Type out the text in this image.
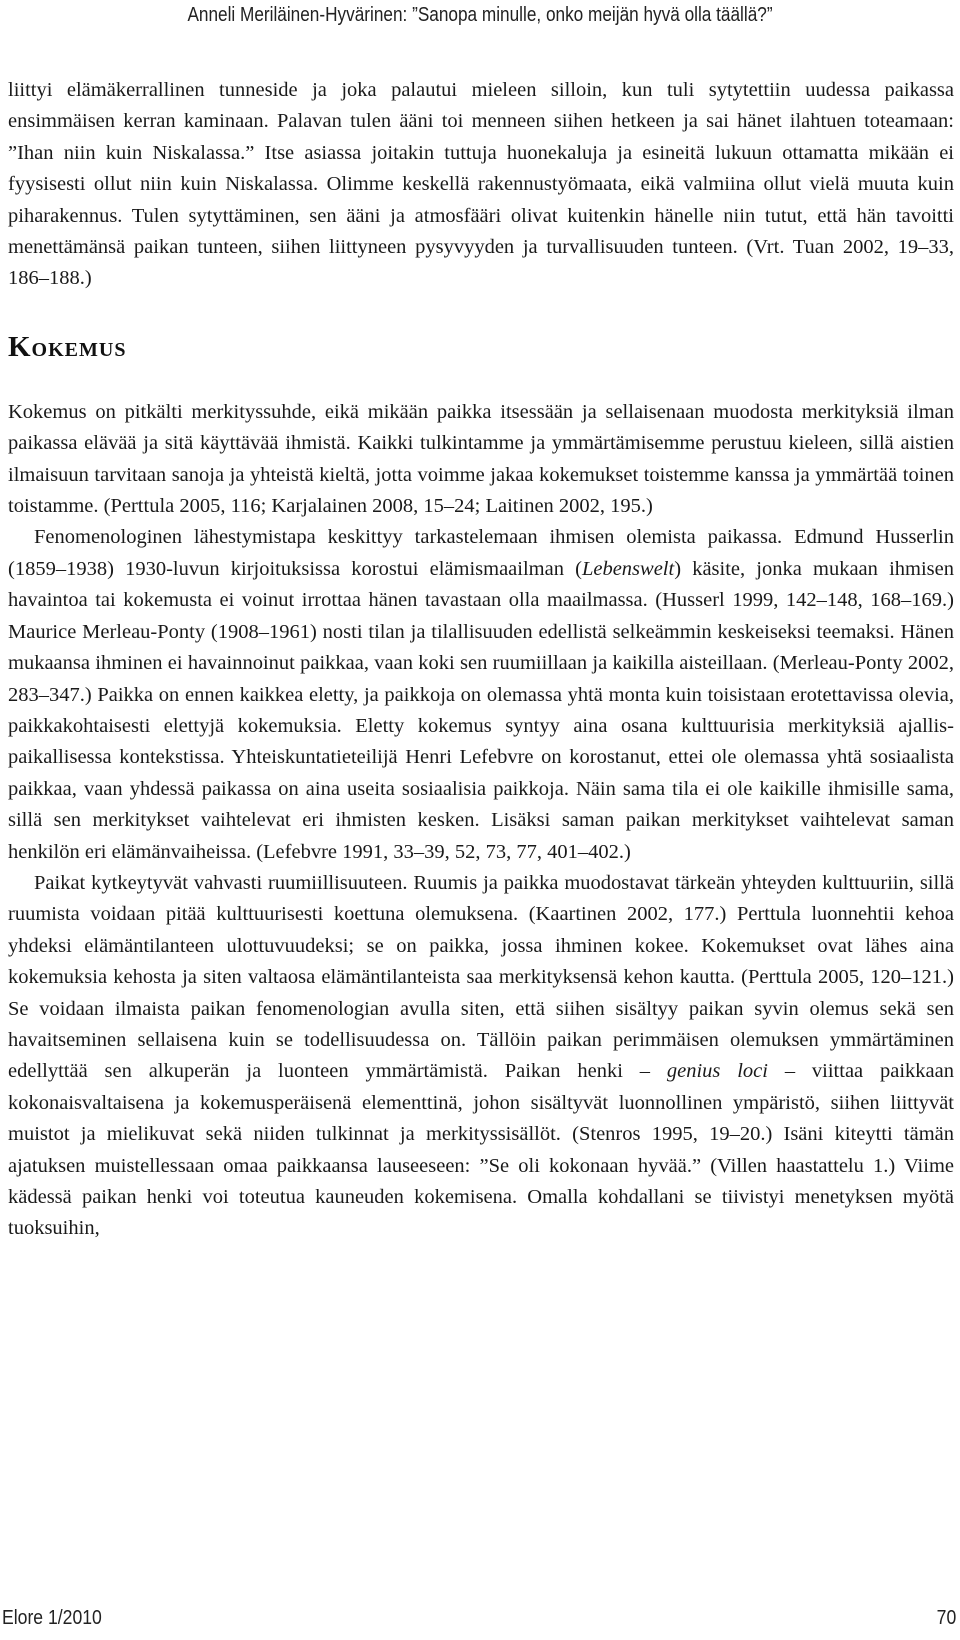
Anneli Meriläinen-Hyvärinen: ”Sanopa minulle, onko meijän hyvä olla täällä?”

liittyi elämäkerrallinen tunneside ja joka palautui mieleen silloin, kun tuli sytytettiin uudessa paikassa ensimmäisen kerran kaminaan. Palavan tulen ääni toi menneen siihen hetkeen ja sai hänet ilahtuen toteamaan: ”Ihan niin kuin Niskalassa.” Itse asiassa joitakin tuttuja huonekaluja ja esineitä lukuun ottamatta mikään ei fyysisesti ollut niin kuin Niskalassa. Olimme keskellä rakennustyömaata, eikä valmiina ollut vielä muuta kuin piharakennus. Tulen sytyttäminen, sen ääni ja atmosfääri olivat kuitenkin hänelle niin tutut, että hän tavoitti menettämänsä paikan tunteen, siihen liittyneen pysyvyyden ja turvallisuuden tunteen. (Vrt. Tuan 2002, 19–33, 186–188.)

Kokemus

Kokemus on pitkälti merkityssuhde, eikä mikään paikka itsessään ja sellaisenaan muodosta merkityksiä ilman paikassa elävää ja sitä käyttävää ihmistä. Kaikki tulkintamme ja ymmärtämisemme perustuu kieleen, sillä aistien ilmaisuun tarvitaan sanoja ja yhteistä kieltä, jotta voimme jakaa kokemukset toistemme kanssa ja ymmärtää toinen toistamme. (Perttula 2005, 116; Karjalainen 2008, 15–24; Laitinen 2002, 195.)

Fenomenologinen lähestymistapa keskittyy tarkastelemaan ihmisen olemista paikassa. Edmund Husserlin (1859–1938) 1930-luvun kirjoituksissa korostui elämismaailman (Lebenswelt) käsite, jonka mukaan ihmisen havaintoa tai kokemusta ei voinut irrottaa hänen tavastaan olla maailmassa. (Husserl 1999, 142–148, 168–169.) Maurice Merleau-Ponty (1908–1961) nosti tilan ja tilallisuuden edellistä selkeämmin keskeiseksi teemaksi. Hänen mukaansa ihminen ei havainnoinut paikkaa, vaan koki sen ruumiillaan ja kaikilla aisteillaan. (Merleau-Ponty 2002, 283–347.) Paikka on ennen kaikkea eletty, ja paikkoja on olemassa yhtä monta kuin toisistaan erotettavissa olevia, paikkakohtaisesti elettyjä kokemuksia. Eletty kokemus syntyy aina osana kulttuurisia merkityksiä ajallis-paikallisessa kontekstissa. Yhteiskuntatieteilijä Henri Lefebvre on korostanut, ettei ole olemassa yhtä sosiaalista paikkaa, vaan yhdessä paikassa on aina useita sosiaalisia paikkoja. Näin sama tila ei ole kaikille ihmisille sama, sillä sen merkitykset vaihtelevat eri ihmisten kesken. Lisäksi saman paikan merkitykset vaihtelevat saman henkilön eri elämänvaiheissa. (Lefebvre 1991, 33–39, 52, 73, 77, 401–402.)

Paikat kytkeytyvät vahvasti ruumiillisuuteen. Ruumis ja paikka muodostavat tärkeän yhteyden kulttuuriin, sillä ruumista voidaan pitää kulttuurisesti koettuna olemuksena. (Kaartinen 2002, 177.) Perttula luonnehtii kehoa yhdeksi elämäntilanteen ulottuvuudeksi; se on paikka, jossa ihminen kokee. Kokemukset ovat lähes aina kokemuksia kehosta ja siten valtaosa elämäntilanteista saa merkityksensä kehon kautta. (Perttula 2005, 120–121.) Se voidaan ilmaista paikan fenomenologian avulla siten, että siihen sisältyy paikan syvin olemus sekä sen havaitseminen sellaisena kuin se todellisuudessa on. Tällöin paikan perimmäisen olemuksen ymmärtäminen edellyttää sen alkuperän ja luonteen ymmärtämistä. Paikan henki – genius loci – viittaa paikkaan kokonaisvaltaisena ja kokemusperäisenä elementtinä, johon sisältyvät luonnollinen ympäristö, siihen liittyvät muistot ja mielikuvat sekä niiden tulkinnat ja merkityssisällöt. (Stenros 1995, 19–20.) Isäni kiteytti tämän ajatuksen muistellessaan omaa paikkaansa lauseeseen: ”Se oli kokonaan hyvää.” (Villen haastattelu 1.) Viime kädessä paikan henki voi toteutua kauneuden kokemisena. Omalla kohdallani se tiivistyi menetyksen myötä tuoksuihin,

Elore 1/2010	70
